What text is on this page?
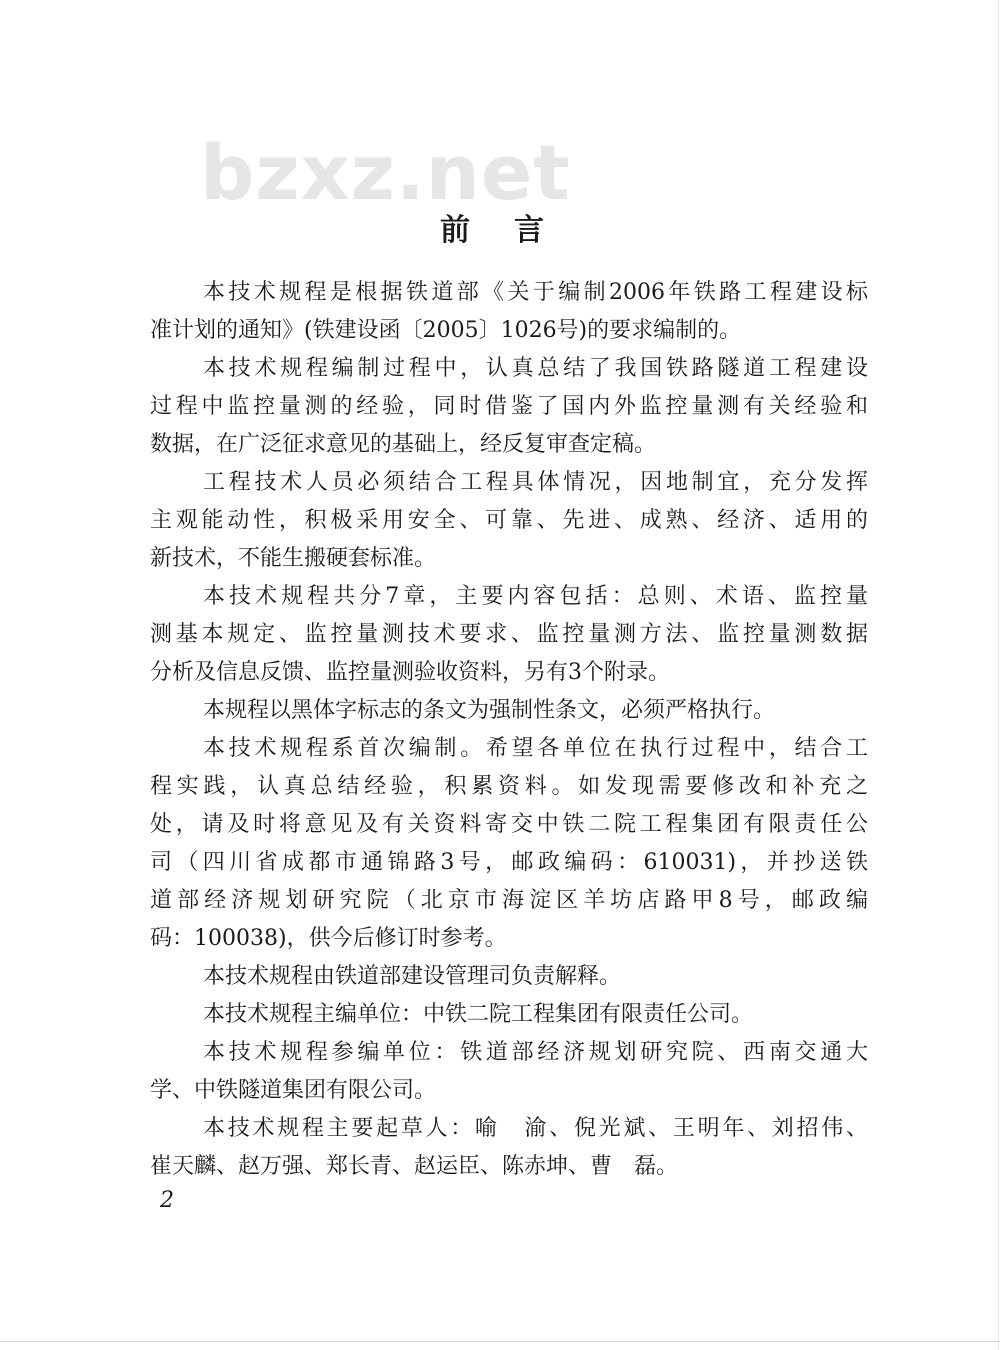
bzxz.net
前言
本技术规程是根据铁道部《关于编制2006年铁路工程建设标
准计划的通知》(铁建设函〔2005〕1026号)的要求编制的。
本技术规程编制过程中，认真总结了我国铁路隧道工程建设
过程中监控量测的经验，同时借鉴了国内外监控量测有关经验和
数据，在广泛征求意见的基础上，经反复审查定稿。
工程技术人员必须结合工程具体情况，因地制宜，充分发挥
主观能动性，积极采用安全、可靠、先进、成熟、经济、适用的
新技术，不能生搬硬套标准。
本技术规程共分7章，主要内容包括：总则、术语、监控量
测基本规定、监控量测技术要求、监控量测方法、监控量测数据
分析及信息反馈、监控量测验收资料，另有3个附录。
本规程以黑体字标志的条文为强制性条文，必须严格执行。
本技术规程系首次编制。希望各单位在执行过程中，结合工
程实践，认真总结经验，积累资料。如发现需要修改和补充之
处，请及时将意见及有关资料寄交中铁二院工程集团有限责任公
司（四川省成都市通锦路3号，邮政编码：610031)，并抄送铁
道部经济规划研究院（北京市海淀区羊坊店路甲8号，邮政编
码：100038)，供今后修订时参考。
本技术规程由铁道部建设管理司负责解释。
本技术规程主编单位：中铁二院工程集团有限责任公司。
本技术规程参编单位：铁道部经济规划研究院、西南交通大
学、中铁隧道集团有限公司。
本技术规程主要起草人：喻　渝、倪光斌、王明年、刘招伟、
崔天麟、赵万强、郑长青、赵运臣、陈赤坤、曹　磊。
2
